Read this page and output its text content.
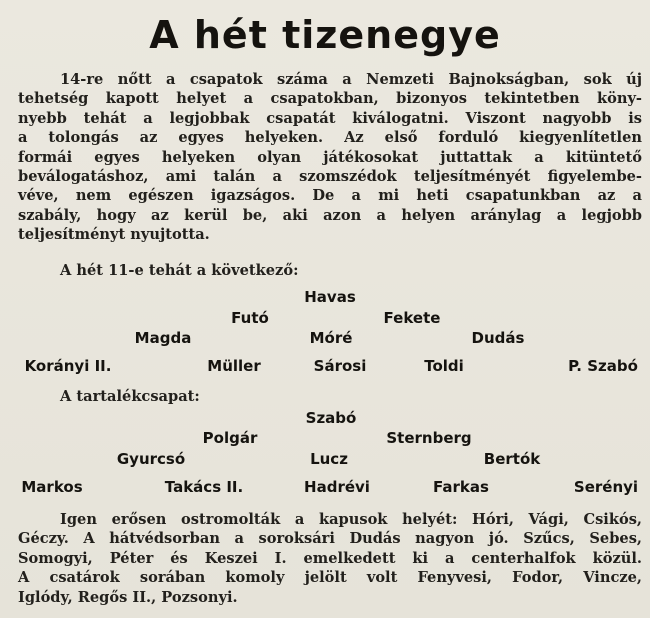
A hét tizenegye
14-re nőtt a csapatok száma a Nemzeti Bajnokságban, sok új
tehetség kapott helyet a csapatokban, bizonyos tekintetben köny-
nyebb tehát a legjobbak csapatát kiválogatni. Viszont nagyobb is
a tolongás az egyes helyeken. Az első forduló kiegyenlítetlen
formái egyes helyeken olyan játékosokat juttattak a kitüntető
beválogatáshoz, ami talán a szomszédok teljesítményét figyelembe-
véve, nem egészen igazságos. De a mi heti csapatunkban az a
szabály, hogy az kerül be, aki azon a helyen aránylag a legjobb
teljesítményt nyujtotta.
A hét 11-e tehát a következő:
Havas
Futó	Fekete
Magda	Móré	Dudás
Korányi II.	Müller	Sárosi	Toldi	P. Szabó
A tartalékcsapat:
Szabó
Polgár	Sternberg
Gyurcsó	Lucz	Bertók
Markos	Takács II.	Hadrévi	Farkas	Serényi
Igen erősen ostromolták a kapusok helyét: Hóri, Vági, Csikós,
Géczy. A hátvédsorban a soroksári Dudás nagyon jó. Szűcs, Sebes,
Somogyi, Péter és Keszei I. emelkedett ki a centerhalfok közül.
A csatárok sorában komoly jelölt volt Fenyvesi, Fodor, Vincze,
Iglódy, Regős II., Pozsonyi.
